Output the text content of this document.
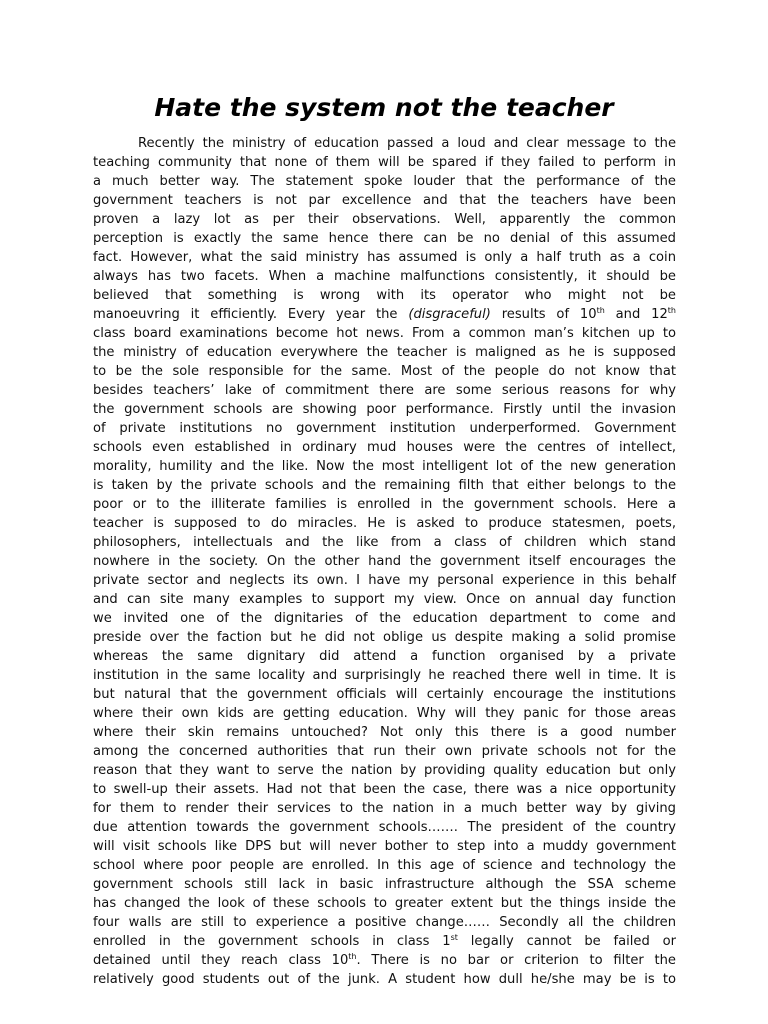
Hate the system not the teacher
Recently the ministry of education passed a loud and clear message to the
teaching community that none of them will be spared if they failed to perform in
a much better way. The statement spoke louder that the performance of the
government teachers is not par excellence and that the teachers have been
proven a lazy lot as per their observations. Well, apparently the common
perception is exactly the same hence there can be no denial of this assumed
fact. However, what the said ministry has assumed is only a half truth as a coin
always has two facets. When a machine malfunctions consistently, it should be
believed that something is wrong with its operator who might not be
manoeuvring it efficiently. Every year the (disgraceful) results of 10th and 12th
class board examinations become hot news. From a common man’s kitchen up to
the ministry of education everywhere the teacher is maligned as he is supposed
to be the sole responsible for the same. Most of the people do not know that
besides teachers’ lake of commitment there are some serious reasons for why
the government schools are showing poor performance. Firstly until the invasion
of private institutions no government institution underperformed. Government
schools even established in ordinary mud houses were the centres of intellect,
morality, humility and the like. Now the most intelligent lot of the new generation
is taken by the private schools and the remaining filth that either belongs to the
poor or to the illiterate families is enrolled in the government schools. Here a
teacher is supposed to do miracles. He is asked to produce statesmen, poets,
philosophers, intellectuals and the like from a class of children which stand
nowhere in the society. On the other hand the government itself encourages the
private sector and neglects its own. I have my personal experience in this behalf
and can site many examples to support my view. Once on annual day function
we invited one of the dignitaries of the education department to come and
preside over the faction but he did not oblige us despite making a solid promise
whereas the same dignitary did attend a function organised by a private
institution in the same locality and surprisingly he reached there well in time. It is
but natural that the government officials will certainly encourage the institutions
where their own kids are getting education. Why will they panic for those areas
where their skin remains untouched? Not only this there is a good number
among the concerned authorities that run their own private schools not for the
reason that they want to serve the nation by providing quality education but only
to swell-up their assets. Had not that been the case, there was a nice opportunity
for them to render their services to the nation in a much better way by giving
due attention towards the government schools……. The president of the country
will visit schools like DPS but will never bother to step into a muddy government
school where poor people are enrolled. In this age of science and technology the
government schools still lack in basic infrastructure although the SSA scheme
has changed the look of these schools to greater extent but the things inside the
four walls are still to experience a positive change…… Secondly all the children
enrolled in the government schools in class 1st legally cannot be failed or
detained until they reach class 10th. There is no bar or criterion to filter the
relatively good students out of the junk. A student how dull he/she may be is to
